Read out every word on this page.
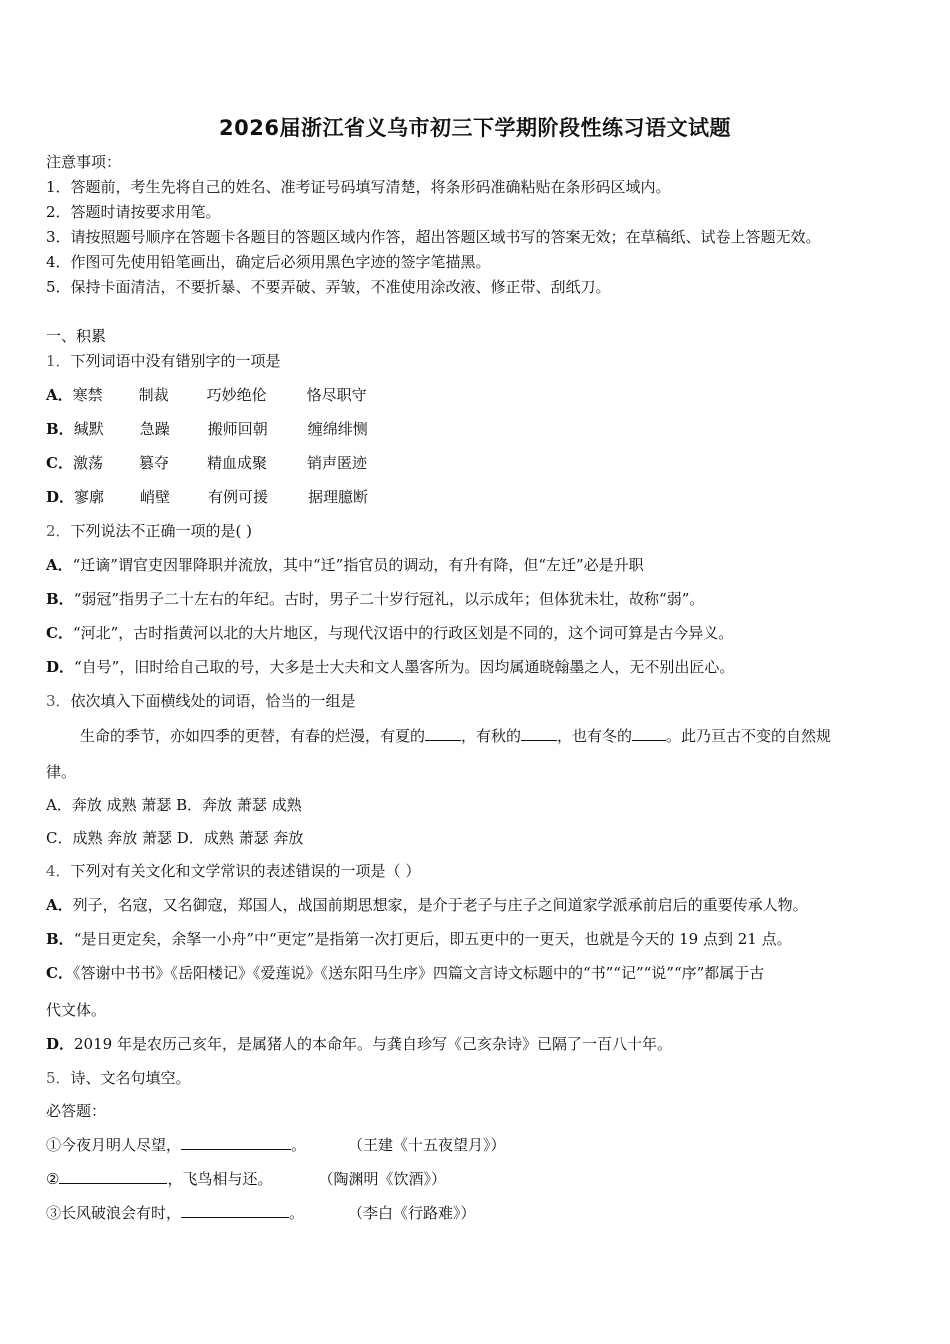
2026届浙江省义乌市初三下学期阶段性练习语文试题
注意事项：
1．答题前，考生先将自己的姓名、准考证号码填写清楚，将条形码准确粘贴在条形码区域内。
2．答题时请按要求用笔。
3．请按照题号顺序在答题卡各题目的答题区域内作答，超出答题区域书写的答案无效；在草稿纸、试卷上答题无效。
4．作图可先使用铅笔画出，确定后必须用黑色字迹的签字笔描黑。
5．保持卡面清洁，不要折暴、不要弄破、弄皱，不准使用涂改液、修正带、刮纸刀。
一、积累
1．下列词语中没有错别字的一项是
A．寒禁 制裁	巧妙绝伦	恪尽职守
B．缄默 急躁	搬师回朝	缠绵绯恻
C．激荡 篡夺	精血成聚	销声匿迹
D．寥廓 峭壁	有例可援	据理臆断
2．下列说法不正确一项的是( )
A．“迁谪”谓官吏因罪降职并流放，其中“迁”指官员的调动，有升有降，但“左迁”必是升职
B．“弱冠”指男子二十左右的年纪。古时，男子二十岁行冠礼，以示成年；但体犹未壮，故称“弱”。
C．“河北”，古时指黄河以北的大片地区，与现代汉语中的行政区划是不同的，这个词可算是古今异义。
D．“自号”，旧时给自己取的号，大多是士大夫和文人墨客所为。因均属通晓翰墨之人，无不别出匠心。
3．依次填入下面横线处的词语，恰当的一组是
生命的季节，亦如四季的更替，有春的烂漫，有夏的 ，有秋的 ，也有冬的 。此乃亘古不变的自然规
律。
A．奔放 成熟 萧瑟 B．奔放 萧瑟 成熟
C．成熟 奔放 萧瑟 D．成熟 萧瑟 奔放
4．下列对有关文化和文学常识的表述错误的一项是（ ）
A．列子，名寇，又名御寇，郑国人，战国前期思想家，是介于老子与庄子之间道家学派承前启后的重要传承人物。
B．“是日更定矣，余拏一小舟”中“更定”是指第一次打更后，即五更中的一更天，也就是今天的 19 点到 21 点。
C．《答谢中书书》《岳阳楼记》《爱莲说》《送东阳马生序》四篇文言诗文标题中的“书”“记”“说”“序”都属于古
代文体。
D．2019 年是农历己亥年，是属猪人的本命年。与龚自珍写《己亥杂诗》已隔了一百八十年。
5．诗、文名句填空。
必答题：
①今夜月明人尽望，	。	（王建《十五夜望月》）
②	，飞鸟相与还。	（陶渊明《饮酒》）
③长风破浪会有时，	。	（李白《行路难》）
